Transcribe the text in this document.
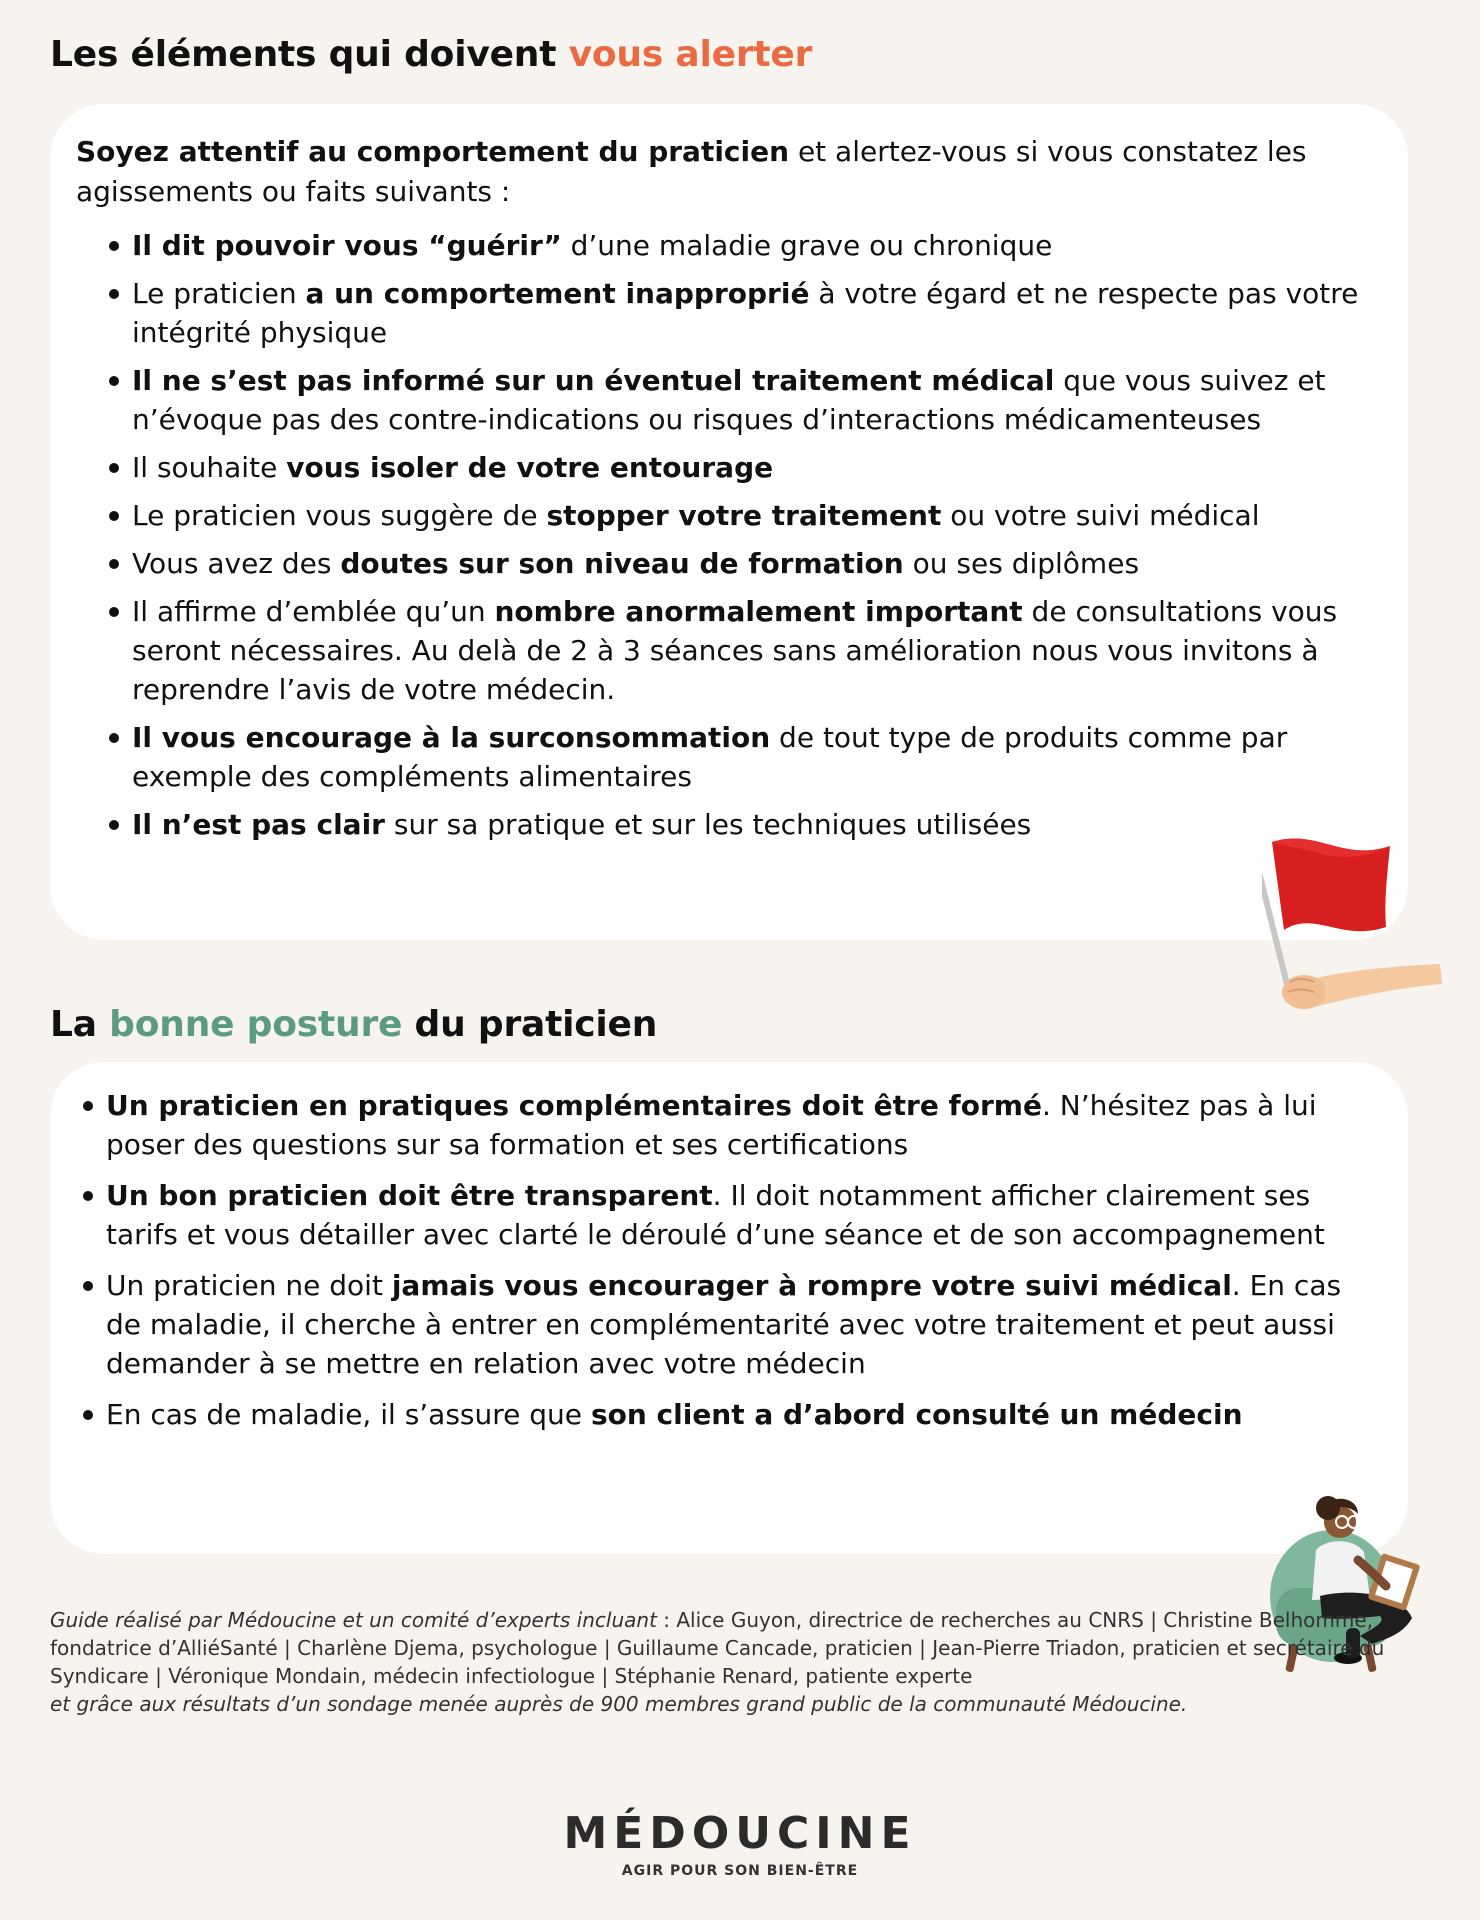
Les éléments qui doivent vous alerter

Soyez attentif au comportement du praticien et alertez-vous si vous constatez les agissements ou faits suivants :

Il dit pouvoir vous “guérir” d’une maladie grave ou chronique
Le praticien a un comportement inapproprié à votre égard et ne respecte pas votre intégrité physique
Il ne s’est pas informé sur un éventuel traitement médical que vous suivez et n’évoque pas des contre-indications ou risques d’interactions médicamenteuses
Il souhaite vous isoler de votre entourage
Le praticien vous suggère de stopper votre traitement ou votre suivi médical
Vous avez des doutes sur son niveau de formation ou ses diplômes
Il affirme d’emblée qu’un nombre anormalement important de consultations vous seront nécessaires. Au delà de 2 à 3 séances sans amélioration nous vous invitons à reprendre l’avis de votre médecin.
Il vous encourage à la surconsommation de tout type de produits comme par exemple des compléments alimentaires
Il n’est pas clair sur sa pratique et sur les techniques utilisées
La bonne posture du praticien
Un praticien en pratiques complémentaires doit être formé. N’hésitez pas à lui poser des questions sur sa formation et ses certifications
Un bon praticien doit être transparent. Il doit notamment afficher clairement ses tarifs et vous détailler avec clarté le déroulé d’une séance et de son accompagnement
Un praticien ne doit jamais vous encourager à rompre votre suivi médical. En cas de maladie, il cherche à entrer en complémentarité avec votre traitement et peut aussi demander à se mettre en relation avec votre médecin
En cas de maladie, il s’assure que son client a d’abord consulté un médecin
Guide réalisé par Médoucine et un comité d’experts incluant : Alice Guyon, directrice de recherches au CNRS | Christine Belhomme, fondatrice d’AlliéSanté | Charlène Djema, psychologue | Guillaume Cancade, praticien | Jean-Pierre Triadon, praticien et secrétaire du Syndicare | Véronique Mondain, médecin infectiologue | Stéphanie Renard, patiente experte
et grâce aux résultats d’un sondage menée auprès de 900 membres grand public de la communauté Médoucine.
MÉDOUCINE
AGIR POUR SON BIEN-ÊTRE
